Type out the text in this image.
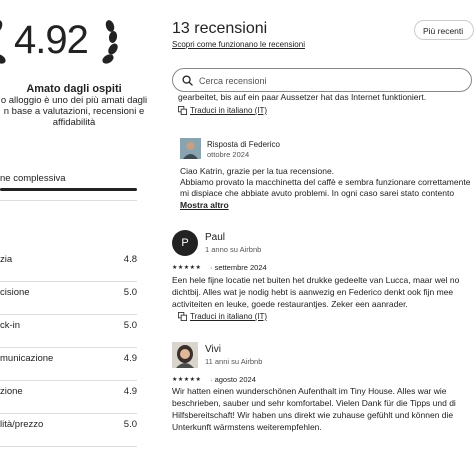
4.92
Amato dagli ospiti
o alloggio è uno dei più amati dagli
n base a valutazioni, recensioni e
affidabilità
ne complessiva
zia	4.8
cisione	5.0
ck-in	5.0
municazione	4.9
zione	4.9
lità/prezzo	5.0
13 recensioni	Più recenti
Scopri come funzionano le recensioni
Cerca recensioni
gearbeitet, bis auf ein paar Aussetzer hat das Internet funktioniert.
Traduci in italiano (IT)
Risposta di Federico
ottobre 2024
Ciao Katrin, grazie per la tua recensione.
Abbiamo provato la macchinetta del caffè e sembra funzionare correttamente
mi dispiace che abbiate avuto problemi. In ogni caso sarei stato contento
Mostra altro
P	Paul
1 anno su Airbnb
★★★★★ · settembre 2024
Een hele fijne locatie net buiten het drukke gedeelte van Lucca, maar wel no
dichtbij. Alles wat je nodig hebt is aanwezig en Federico denkt ook fijn mee
activiteiten en leuke, goede restaurantjes. Zeker een aanrader.
Traduci in italiano (IT)
Vivi
11 anni su Airbnb
★★★★★ · agosto 2024
Wir hatten einen wunderschönen Aufenthalt im Tiny House. Alles war wie
beschrieben, sauber und sehr komfortabel. Vielen Dank für die Tipps und di
Hilfsbereitschaft! Wir haben uns direkt wie zuhause gefühlt und können die
Unterkunft wärmstens weiterempfehlen.
